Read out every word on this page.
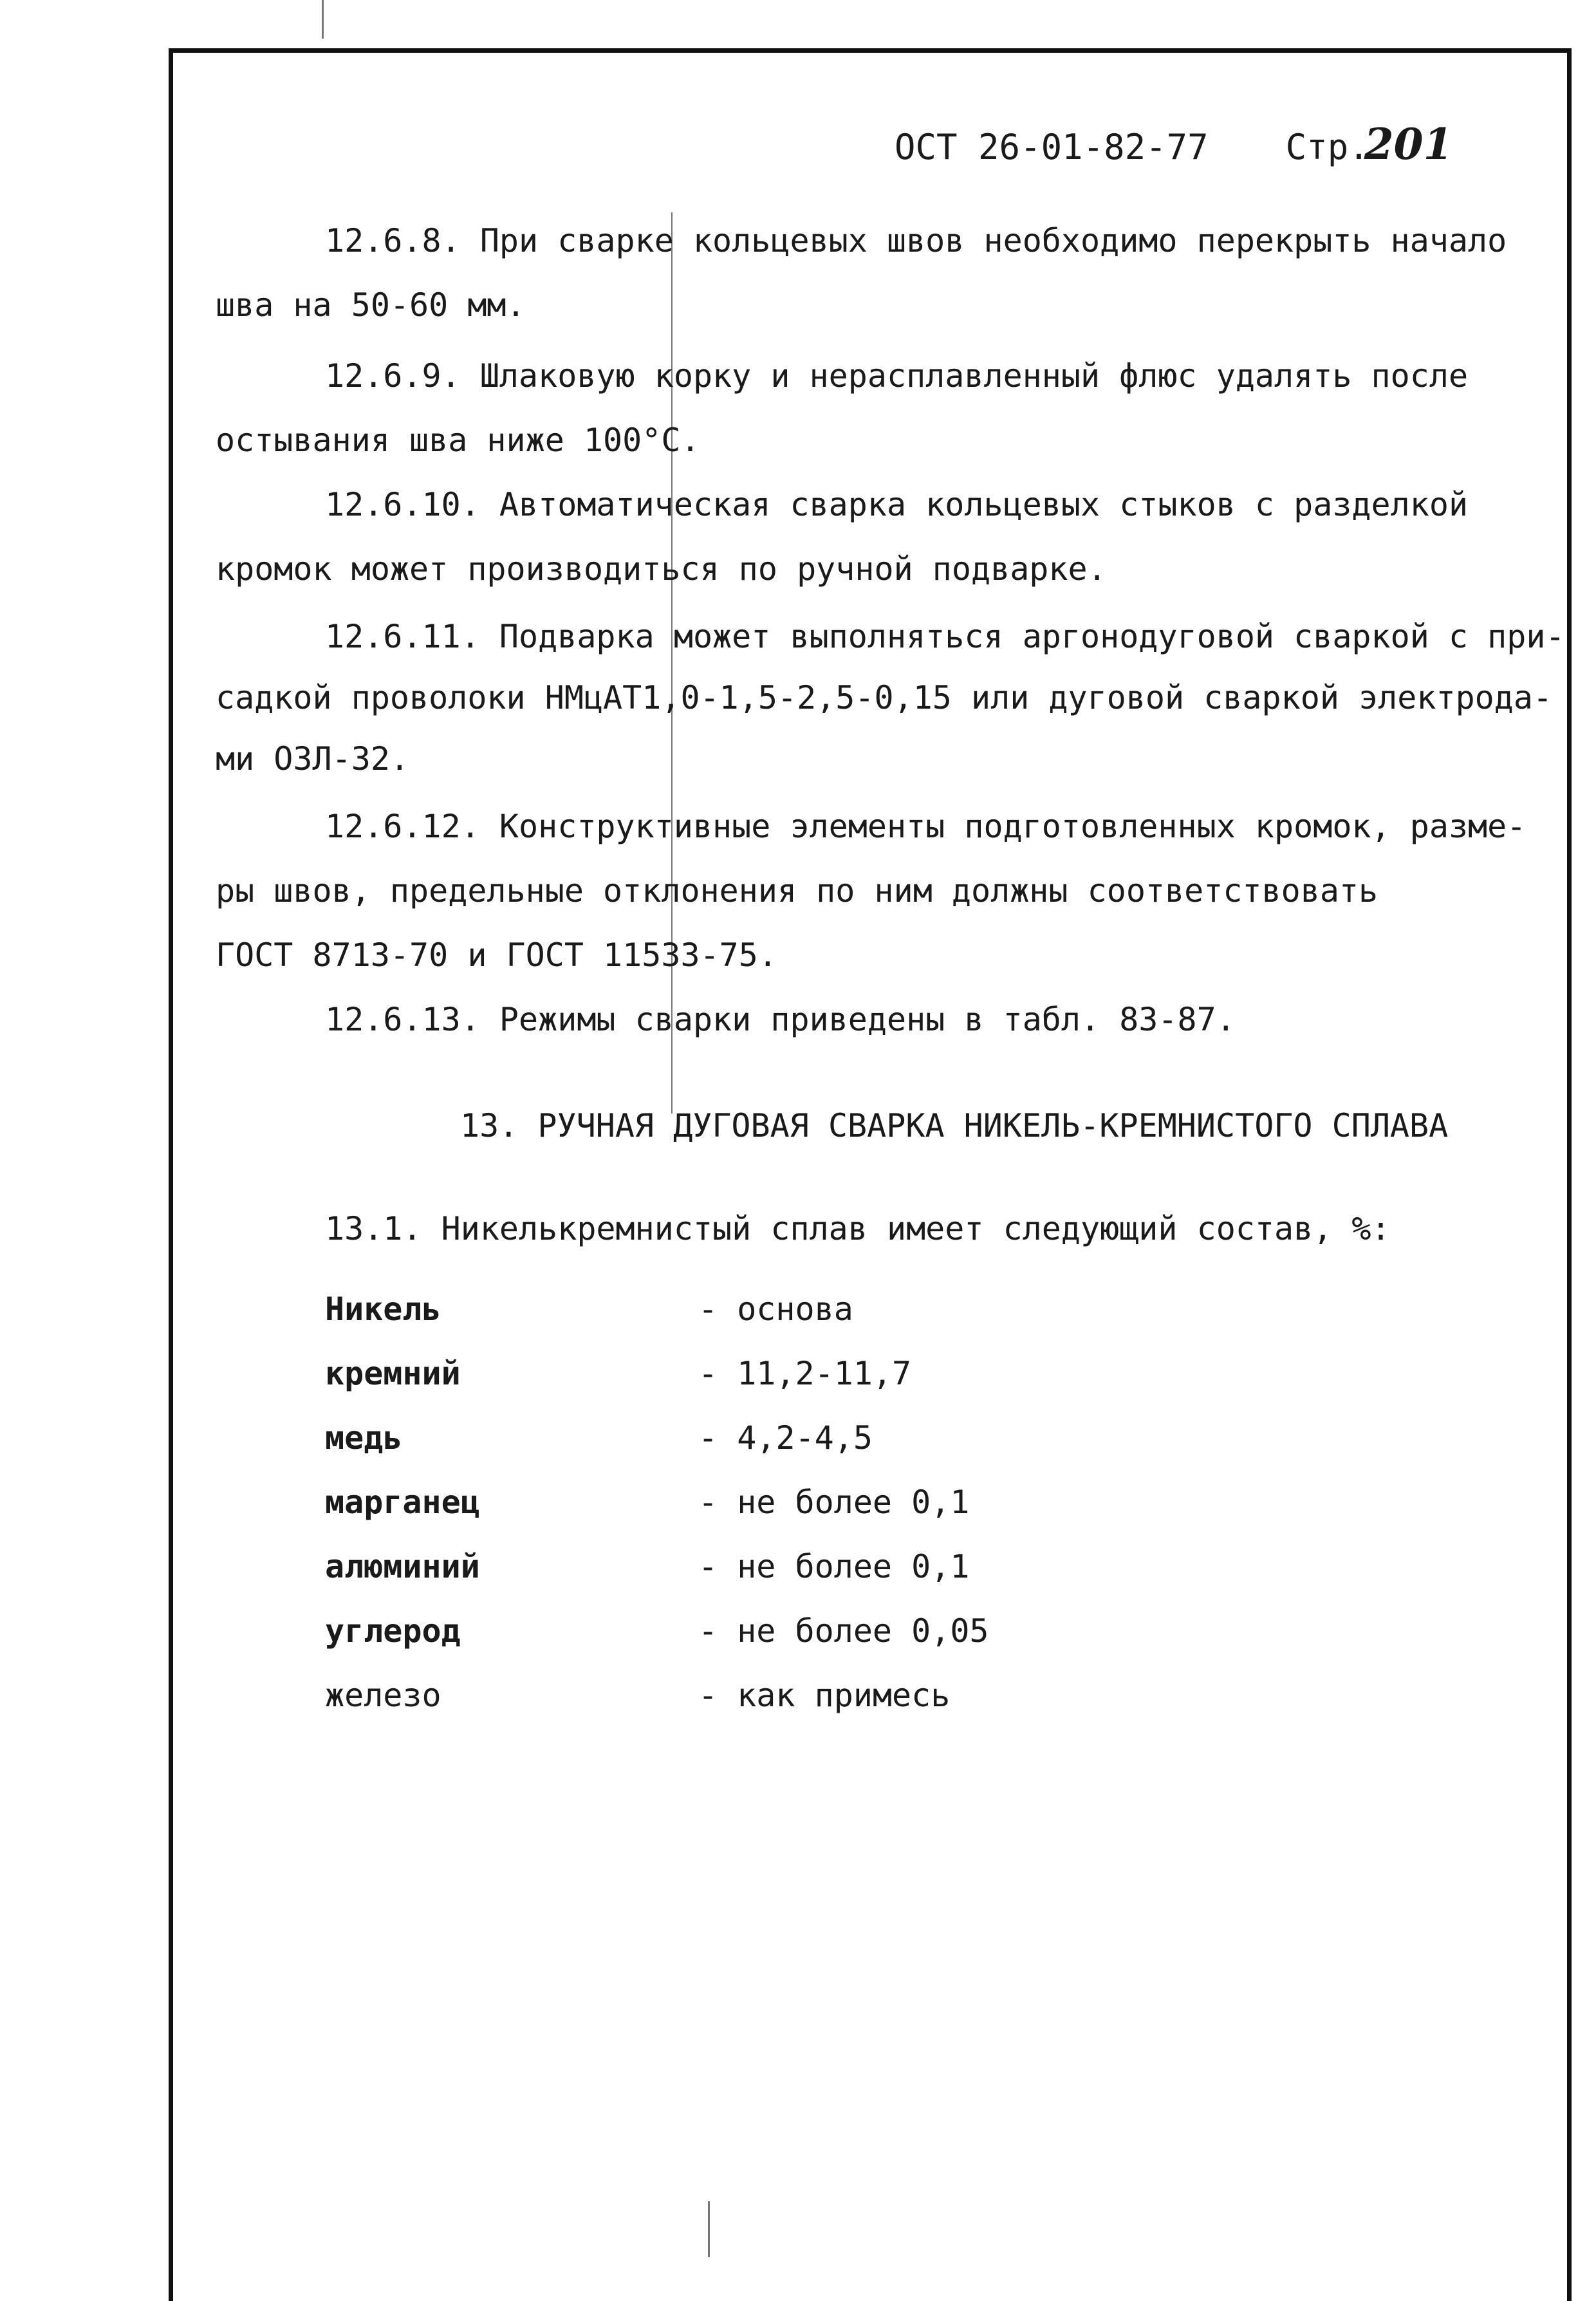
ОСТ 26-01-82-77 Стр.201
12.6.8. При сварке кольцевых швов необходимо перекрыть начало
шва на 50-60 мм.
12.6.9. Шлаковую корку и нерасплавленный флюс удалять после
остывания шва ниже 100°С.
12.6.10. Автоматическая сварка кольцевых стыков с разделкой
кромок может производиться по ручной подварке.
12.6.11. Подварка может выполняться аргонодуговой сваркой с при-
садкой проволоки НМцАТ1,0-1,5-2,5-0,15 или дуговой сваркой электрода-
ми ОЗЛ-32.
12.6.12. Конструктивные элементы подготовленных кромок, разме-
ры швов, предельные отклонения по ним должны соответствовать
ГОСТ 8713-70 и ГОСТ 11533-75.
12.6.13. Режимы сварки приведены в табл. 83-87.
13. РУЧНАЯ ДУГОВАЯ СВАРКА НИКЕЛЬ-КРЕМНИСТОГО СПЛАВА
13.1. Никелькремнистый сплав имеет следующий состав, %:
Никель	- основа
кремний	- 11,2-11,7
медь	- 4,2-4,5
марганец	- не более 0,1
алюминий	- не более 0,1
углерод	- не более 0,05
железо	- как примесь
